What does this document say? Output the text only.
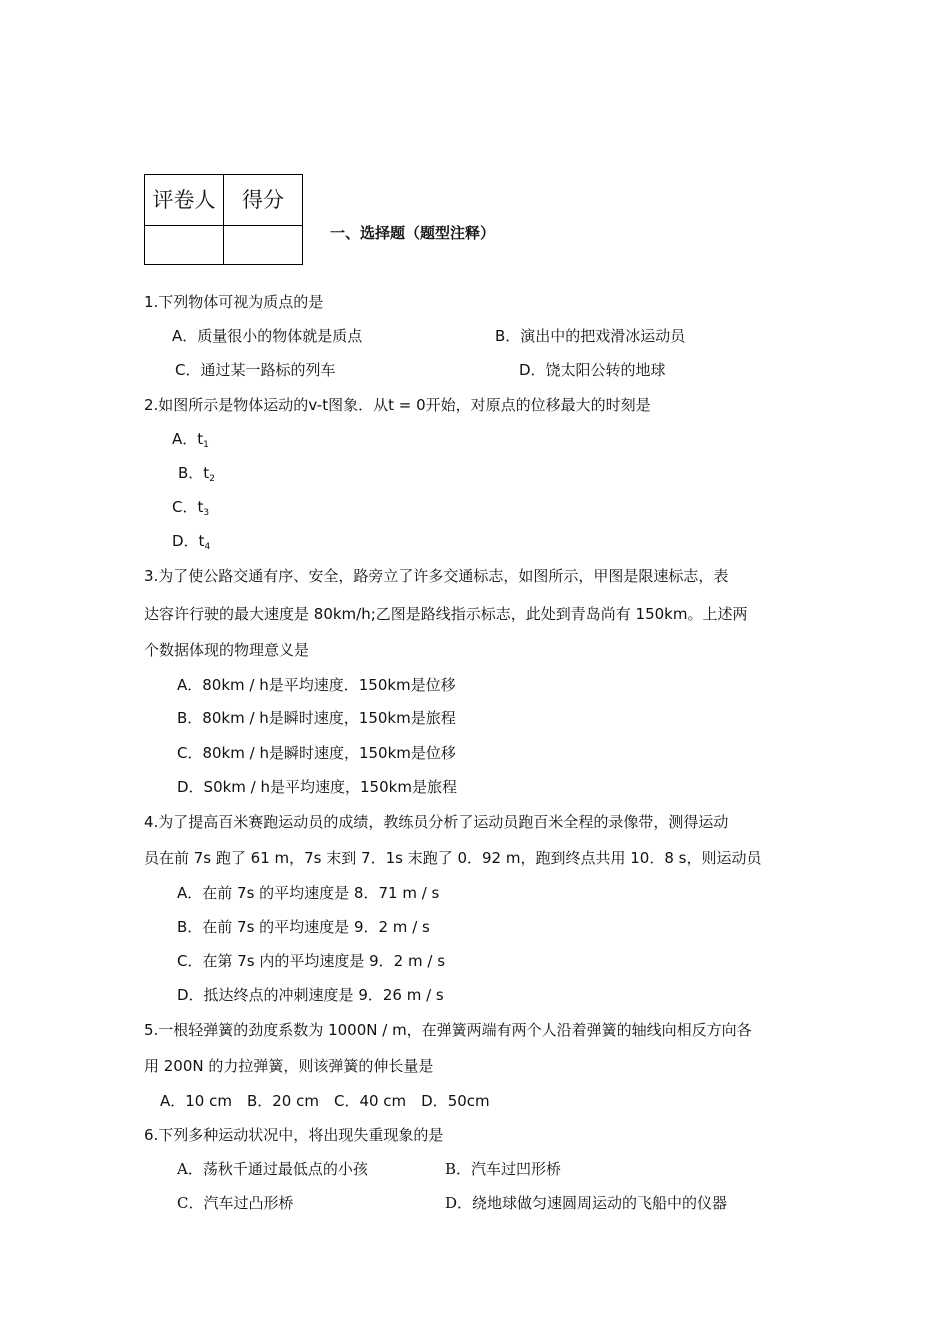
评卷人	得分

一、选择题（题型注释）
1.下列物体可视为质点的是
A．质量很小的物体就是质点	B．演出中的把戏滑冰运动员
C．通过某一路标的列车	D．饶太阳公转的地球
2.如图所示是物体运动的v-t图象．从t = 0开始，对原点的位移最大的时刻是
A．$t_1$
B．$t_2$
C．$t_3$
D．$t_4$
3.为了使公路交通有序、安全，路旁立了许多交通标志，如图所示，甲图是限速标志，表
达容许行驶的最大速度是 80km/h;乙图是路线指示标志，此处到青岛尚有 150km。上述两
个数据体现的物理意义是
A．80km / h是平均速度．150km是位移
B．80km / h是瞬时速度，150km是旅程
C．80km / h是瞬时速度，150km是位移
D．S0km / h是平均速度，150km是旅程
4.为了提高百米赛跑运动员的成绩，教练员分析了运动员跑百米全程的录像带，测得运动
员在前 7s 跑了 61 m，7s 末到 7．1s 末跑了 0．92 m，跑到终点共用 10．8 s，则运动员
A．在前 7s 的平均速度是 8．71 m / s
B．在前 7s 的平均速度是 9．2 m / s
C．在第 7s 内的平均速度是 9．2 m / s
D．抵达终点的冲刺速度是 9．26 m / s
5.一根轻弹簧的劲度系数为 1000N / m，在弹簧两端有两个人沿着弹簧的轴线向相反方向各
用 200N 的力拉弹簧，则该弹簧的伸长量是
A．10 cm　B．20 cm　C．40 cm　D．50cm
6.下列多种运动状况中，将出现失重现象的是
A．荡秋千通过最低点的小孩	B．汽车过凹形桥
C．汽车过凸形桥	D．绕地球做匀速圆周运动的飞船中的仪器
